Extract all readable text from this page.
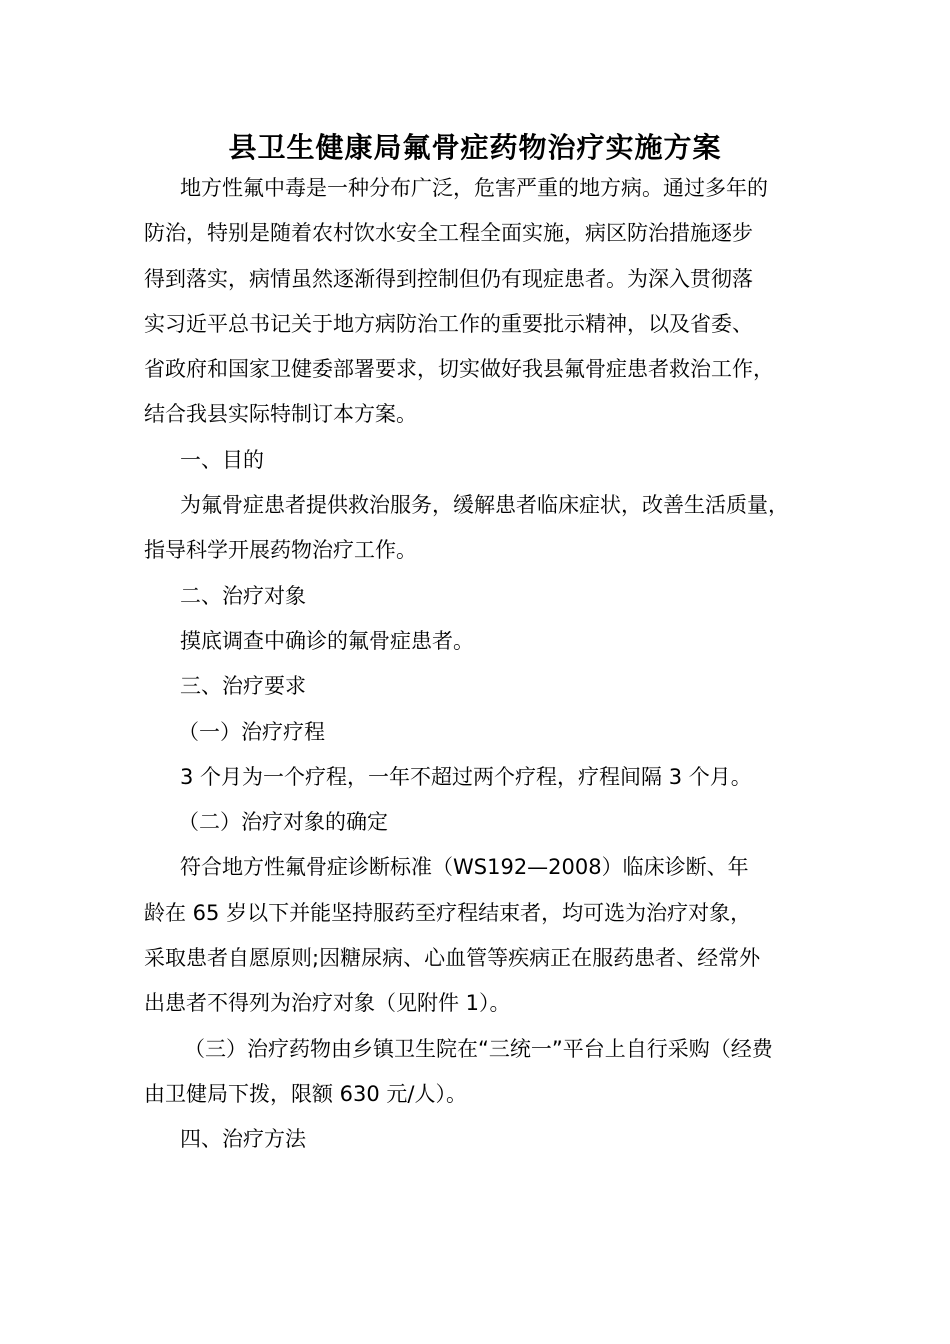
县卫生健康局氟骨症药物治疗实施方案
地方性氟中毒是一种分布广泛，危害严重的地方病。通过多年的
防治，特别是随着农村饮水安全工程全面实施，病区防治措施逐步
得到落实，病情虽然逐渐得到控制但仍有现症患者。为深入贯彻落
实习近平总书记关于地方病防治工作的重要批示精神，以及省委、
省政府和国家卫健委部署要求，切实做好我县氟骨症患者救治工作，
结合我县实际特制订本方案。
一、目的
为氟骨症患者提供救治服务，缓解患者临床症状，改善生活质量，
指导科学开展药物治疗工作。
二、治疗对象
摸底调查中确诊的氟骨症患者。
三、治疗要求
（一）治疗疗程
3 个月为一个疗程，一年不超过两个疗程，疗程间隔 3 个月。
（二）治疗对象的确定
符合地方性氟骨症诊断标准（WS192—2008）临床诊断、年
龄在 65 岁以下并能坚持服药至疗程结束者，均可选为治疗对象，
采取患者自愿原则;因糖尿病、心血管等疾病正在服药患者、经常外
出患者不得列为治疗对象（见附件 1）。
（三）治疗药物由乡镇卫生院在“三统一”平台上自行采购（经费
由卫健局下拨，限额 630 元/人）。
四、治疗方法
